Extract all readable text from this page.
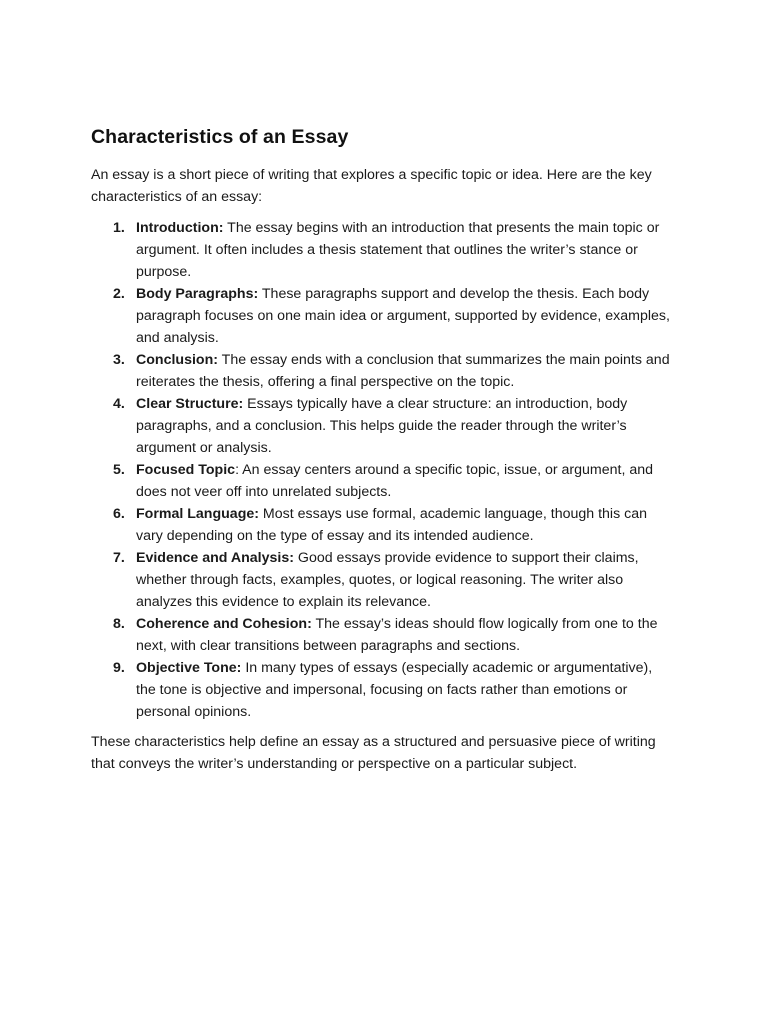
Characteristics of an Essay

An essay is a short piece of writing that explores a specific topic or idea. Here are the key characteristics of an essay:

1. Introduction: The essay begins with an introduction that presents the main topic or argument. It often includes a thesis statement that outlines the writer’s stance or purpose.
2. Body Paragraphs: These paragraphs support and develop the thesis. Each body paragraph focuses on one main idea or argument, supported by evidence, examples, and analysis.
3. Conclusion: The essay ends with a conclusion that summarizes the main points and reiterates the thesis, offering a final perspective on the topic.
4. Clear Structure: Essays typically have a clear structure: an introduction, body paragraphs, and a conclusion. This helps guide the reader through the writer’s argument or analysis.
5. Focused Topic: An essay centers around a specific topic, issue, or argument, and does not veer off into unrelated subjects.
6. Formal Language: Most essays use formal, academic language, though this can vary depending on the type of essay and its intended audience.
7. Evidence and Analysis: Good essays provide evidence to support their claims, whether through facts, examples, quotes, or logical reasoning. The writer also analyzes this evidence to explain its relevance.
8. Coherence and Cohesion: The essay’s ideas should flow logically from one to the next, with clear transitions between paragraphs and sections.
9. Objective Tone: In many types of essays (especially academic or argumentative), the tone is objective and impersonal, focusing on facts rather than emotions or personal opinions.

These characteristics help define an essay as a structured and persuasive piece of writing that conveys the writer’s understanding or perspective on a particular subject.
